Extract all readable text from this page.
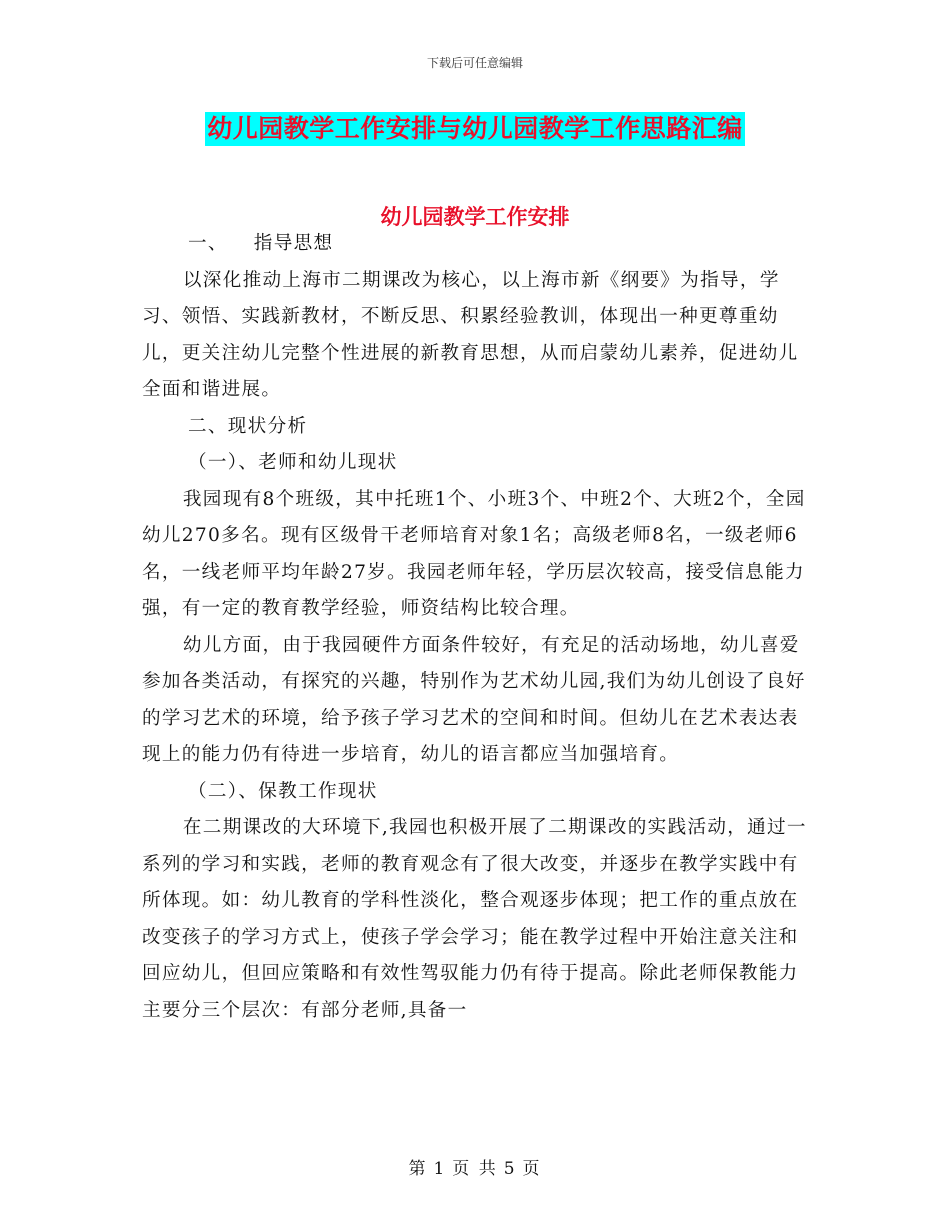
下载后可任意编辑
幼儿园教学工作安排与幼儿园教学工作思路汇编
幼儿园教学工作安排

一、 指导思想

以深化推动上海市二期课改为核心，以上海市新《纲要》为指导，学习、领悟、实践新教材，不断反思、积累经验教训，体现出一种更尊重幼儿，更关注幼儿完整个性进展的新教育思想，从而启蒙幼儿素养，促进幼儿全面和谐进展。

二、现状分析

（一）、老师和幼儿现状

我园现有8个班级，其中托班1个、小班3个、中班2个、大班2个，全园幼儿270多名。现有区级骨干老师培育对象1名；高级老师8名，一级老师6名，一线老师平均年龄27岁。我园老师年轻，学历层次较高，接受信息能力强，有一定的教育教学经验，师资结构比较合理。

幼儿方面，由于我园硬件方面条件较好，有充足的活动场地，幼儿喜爱参加各类活动，有探究的兴趣，特别作为艺术幼儿园,我们为幼儿创设了良好的学习艺术的环境，给予孩子学习艺术的空间和时间。但幼儿在艺术表达表现上的能力仍有待进一步培育，幼儿的语言都应当加强培育。

（二）、保教工作现状

在二期课改的大环境下,我园也积极开展了二期课改的实践活动，通过一系列的学习和实践，老师的教育观念有了很大改变，并逐步在教学实践中有所体现。如：幼儿教育的学科性淡化，整合观逐步体现；把工作的重点放在改变孩子的学习方式上，使孩子学会学习；能在教学过程中开始注意关注和回应幼儿，但回应策略和有效性驾驭能力仍有待于提高。除此老师保教能力主要分三个层次：有部分老师,具备一

第 1 页 共 5 页
